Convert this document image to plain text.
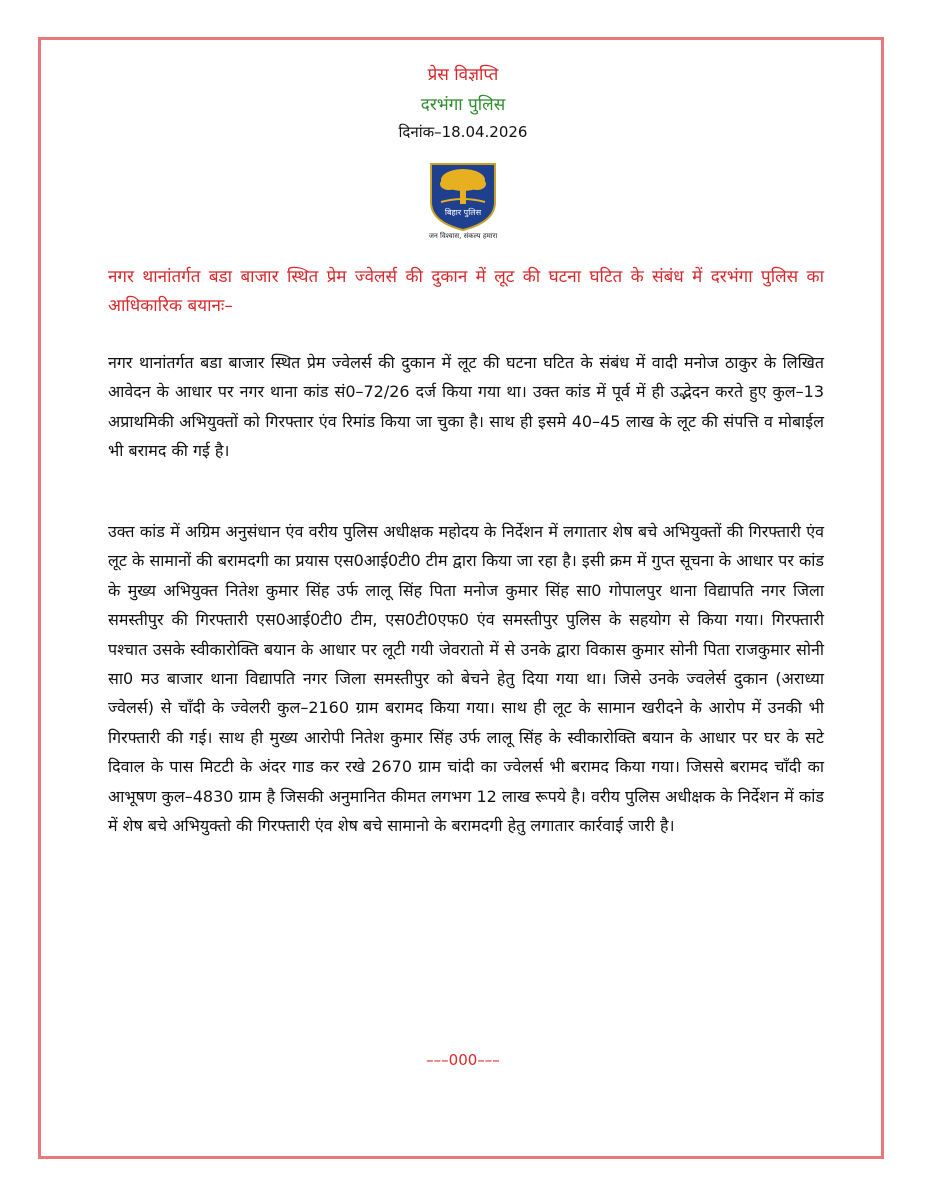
प्रेस विज्ञप्ति
दरभंगा पुलिस
दिनांक–18.04.2026
बिहार पुलिस
जन विश्वास, संकल्प हमारा
नगर थानांतर्गत बडा बाजार स्थित प्रेम ज्वेलर्स की दुकान में लूट की घटना घटित के संबंध में दरभंगा पुलिस का आधिकारिक बयानः–
नगर थानांतर्गत बडा बाजार स्थित प्रेम ज्वेलर्स की दुकान में लूट की घटना घटित के संबंध में वादी मनोज ठाकुर के लिखित आवेदन के आधार पर नगर थाना कांड सं0–72/26 दर्ज किया गया था। उक्त कांड में पूर्व में ही उद्भेदन करते हुए कुल–13 अप्राथमिकी अभियुक्तों को गिरफ्तार एंव रिमांड किया जा चुका है। साथ ही इसमे 40–45 लाख के लूट की संपत्ति व मोबाईल भी बरामद की गई है।
उक्त कांड में अग्रिम अनुसंधान एंव वरीय पुलिस अधीक्षक महोदय के निर्देशन में लगातार शेष बचे अभियुक्तों की गिरफ्तारी एंव लूट के सामानों की बरामदगी का प्रयास एस0आई0टी0 टीम द्वारा किया जा रहा है। इसी क्रम में गुप्त सूचना के आधार पर कांड के मुख्य अभियुक्त नितेश कुमार सिंह उर्फ लालू सिंह पिता मनोज कुमार सिंह सा0 गोपालपुर थाना विद्यापति नगर जिला समस्तीपुर की गिरफ्तारी एस0आई0टी0 टीम, एस0टी0एफ0 एंव समस्तीपुर पुलिस के सहयोग से किया गया। गिरफ्तारी पश्चात उसके स्वीकारोक्ति बयान के आधार पर लूटी गयी जेवरातो में से उनके द्वारा विकास कुमार सोनी पिता राजकुमार सोनी सा0 मउ बाजार थाना विद्यापति नगर जिला समस्तीपुर को बेचने हेतु दिया गया था। जिसे उनके ज्वलेर्स दुकान (अराध्या ज्वेलर्स) से चाँदी के ज्वेलरी कुल–2160 ग्राम बरामद किया गया। साथ ही लूट के सामान खरीदने के आरोप में उनकी भी गिरफ्तारी की गई। साथ ही मुख्य आरोपी नितेश कुमार सिंह उर्फ लालू सिंह के स्वीकारोक्ति बयान के आधार पर घर के सटे दिवाल के पास मिटटी के अंदर गाड कर रखे 2670 ग्राम चांदी का ज्वेलर्स भी बरामद किया गया। जिससे बरामद चाँदी का आभूषण कुल–4830 ग्राम है जिसकी अनुमानित कीमत लगभग 12 लाख रूपये है। वरीय पुलिस अधीक्षक के निर्देशन में कांड में शेष बचे अभियुक्तो की गिरफ्तारी एंव शेष बचे सामानो के बरामदगी हेतु लगातार कार्रवाई जारी है।
–––000–––
